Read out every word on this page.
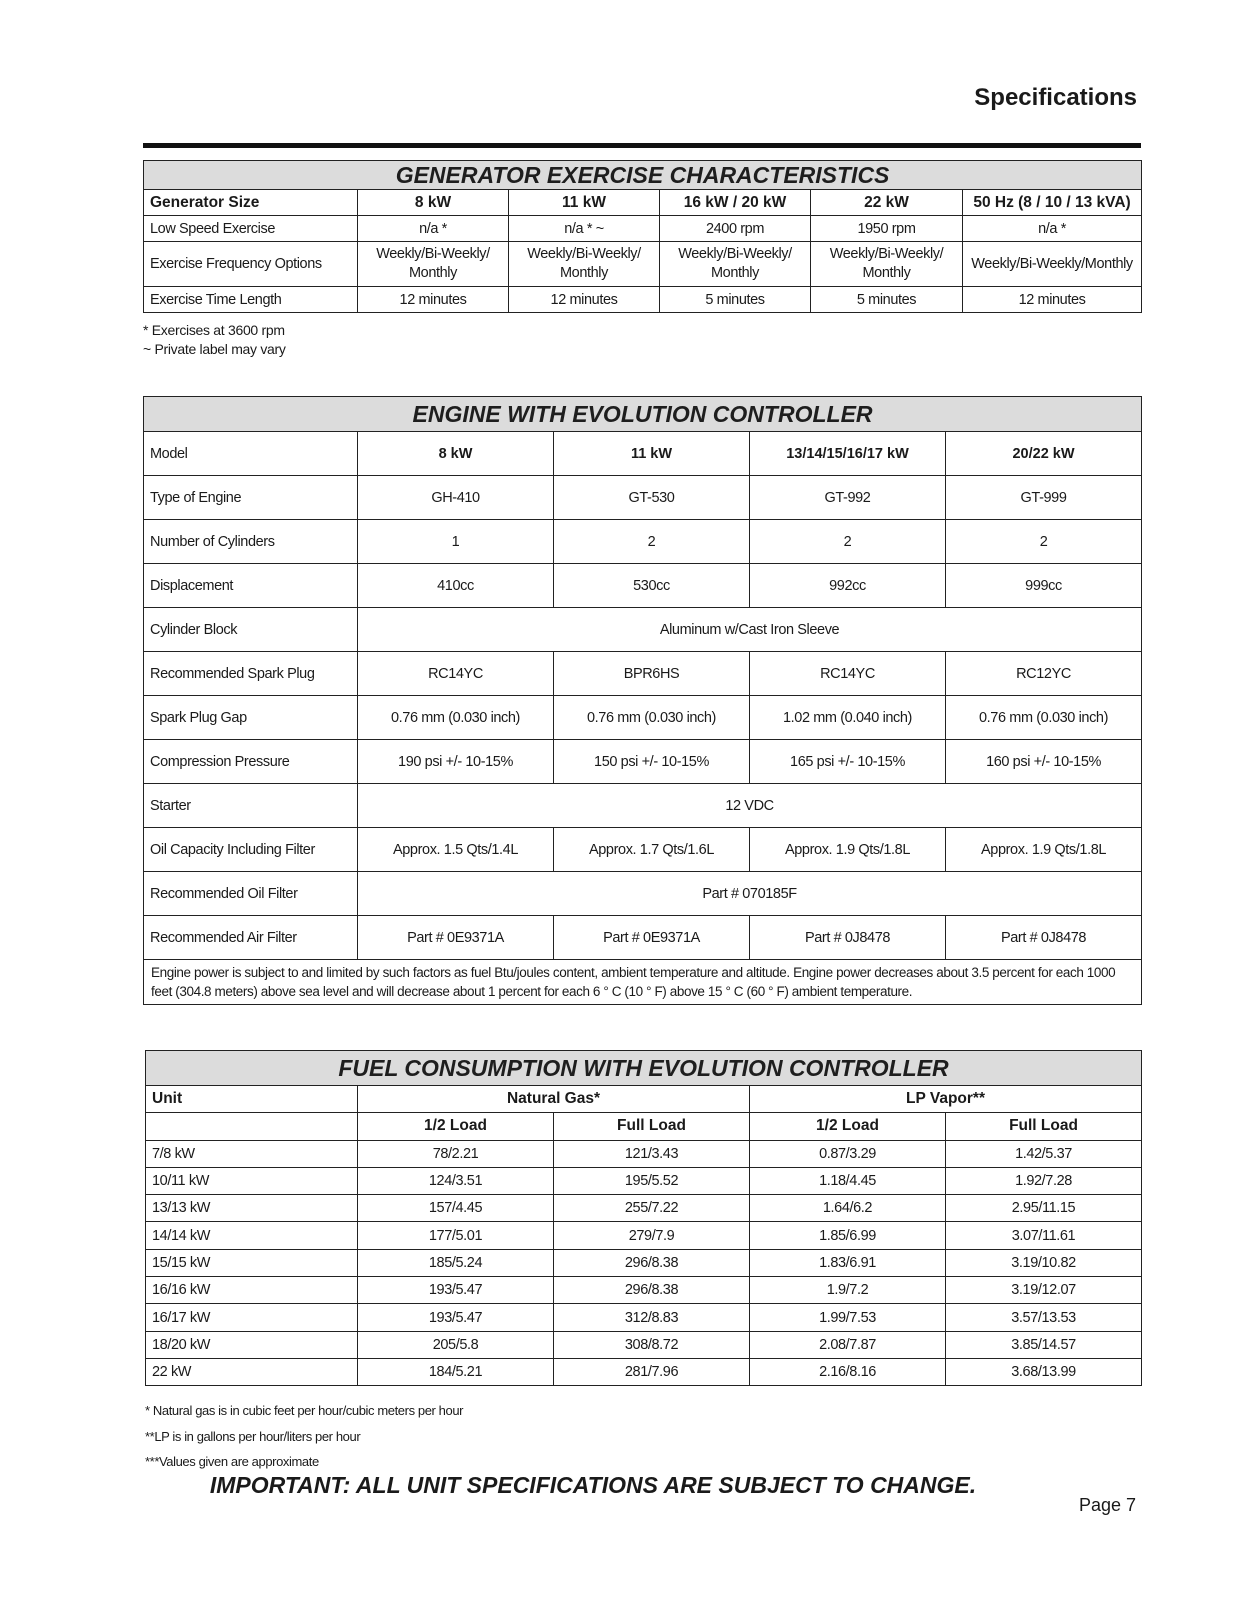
Specifications
GENERATOR EXERCISE CHARACTERISTICS					
Generator Size	8 kW	11 kW	16 kW / 20 kW	22 kW	50 Hz (8 / 10 / 13 kVA)
Low Speed Exercise	n/a *	n/a * ~	2400 rpm	1950 rpm	n/a *
Exercise Frequency Options	Weekly/Bi-Weekly/ Monthly	Weekly/Bi-Weekly/ Monthly	Weekly/Bi-Weekly/ Monthly	Weekly/Bi-Weekly/ Monthly	Weekly/Bi-Weekly/Monthly
Exercise Time Length	12 minutes	12 minutes	5 minutes	5 minutes	12 minutes
* Exercises at 3600 rpm
~ Private label may vary
ENGINE WITH EVOLUTION CONTROLLER				
Model	8 kW	11 kW	13/14/15/16/17 kW	20/22 kW
Type of Engine	GH-410	GT-530	GT-992	GT-999
Number of Cylinders	1	2	2	2
Displacement	410cc	530cc	992cc	999cc
Cylinder Block	Aluminum w/Cast Iron Sleeve			
Recommended Spark Plug	RC14YC	BPR6HS	RC14YC	RC12YC
Spark Plug Gap	0.76 mm (0.030 inch)	0.76 mm (0.030 inch)	1.02 mm (0.040 inch)	0.76 mm (0.030 inch)
Compression Pressure	190 psi +/- 10-15%	150 psi +/- 10-15%	165 psi +/- 10-15%	160 psi +/- 10-15%
Starter	12 VDC			
Oil Capacity Including Filter	Approx. 1.5 Qts/1.4L	Approx. 1.7 Qts/1.6L	Approx. 1.9 Qts/1.8L	Approx. 1.9 Qts/1.8L
Recommended Oil Filter	Part # 070185F			
Recommended Air Filter	Part # 0E9371A	Part # 0E9371A	Part # 0J8478	Part # 0J8478
Engine power is subject to and limited by such factors as fuel Btu/joules content, ambient temperature and altitude. Engine power decreases about 3.5 percent for each 1000 feet (304.8 meters) above sea level and will decrease about 1 percent for each 6 ° C (10 ° F) above 15 ° C (60 ° F) ambient temperature.				
FUEL CONSUMPTION WITH EVOLUTION CONTROLLER				
Unit	Natural Gas*		LP Vapor**	
	1/2 Load	Full Load	1/2 Load	Full Load
7/8 kW	78/2.21	121/3.43	0.87/3.29	1.42/5.37
10/11 kW	124/3.51	195/5.52	1.18/4.45	1.92/7.28
13/13 kW	157/4.45	255/7.22	1.64/6.2	2.95/11.15
14/14 kW	177/5.01	279/7.9	1.85/6.99	3.07/11.61
15/15 kW	185/5.24	296/8.38	1.83/6.91	3.19/10.82
16/16 kW	193/5.47	296/8.38	1.9/7.2	3.19/12.07
16/17 kW	193/5.47	312/8.83	1.99/7.53	3.57/13.53
18/20 kW	205/5.8	308/8.72	2.08/7.87	3.85/14.57
22 kW	184/5.21	281/7.96	2.16/8.16	3.68/13.99
* Natural gas is in cubic feet per hour/cubic meters per hour
**LP is in gallons per hour/liters per hour
***Values given are approximate
IMPORTANT: ALL UNIT SPECIFICATIONS ARE SUBJECT TO CHANGE.
Page 7
